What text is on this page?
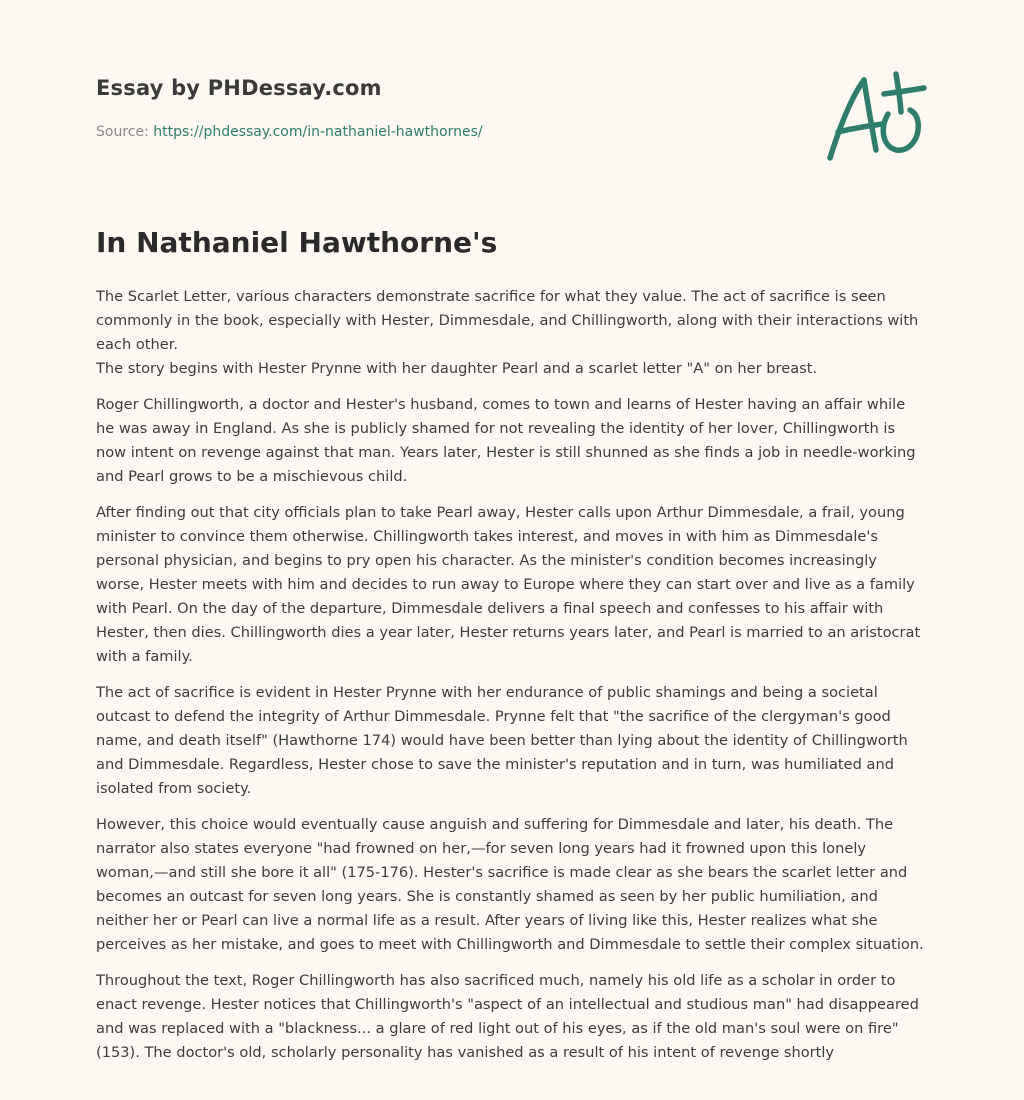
Essay by PHDessay.com
Source: https://phdessay.com/in-nathaniel-hawthornes/
In Nathaniel Hawthorne's

The Scarlet Letter, various characters demonstrate sacrifice for what they value. The act of sacrifice is seen commonly in the book, especially with Hester, Dimmesdale, and Chillingworth, along with their interactions with each other.
The story begins with Hester Prynne with her daughter Pearl and a scarlet letter "A" on her breast.

Roger Chillingworth, a doctor and Hester's husband, comes to town and learns of Hester having an affair while he was away in England. As she is publicly shamed for not revealing the identity of her lover, Chillingworth is now intent on revenge against that man. Years later, Hester is still shunned as she finds a job in needle-working and Pearl grows to be a mischievous child.

After finding out that city officials plan to take Pearl away, Hester calls upon Arthur Dimmesdale, a frail, young minister to convince them otherwise. Chillingworth takes interest, and moves in with him as Dimmesdale's personal physician, and begins to pry open his character. As the minister's condition becomes increasingly worse, Hester meets with him and decides to run away to Europe where they can start over and live as a family with Pearl. On the day of the departure, Dimmesdale delivers a final speech and confesses to his affair with Hester, then dies. Chillingworth dies a year later, Hester returns years later, and Pearl is married to an aristocrat with a family.

The act of sacrifice is evident in Hester Prynne with her endurance of public shamings and being a societal outcast to defend the integrity of Arthur Dimmesdale. Prynne felt that "the sacrifice of the clergyman's good name, and death itself" (Hawthorne 174) would have been better than lying about the identity of Chillingworth and Dimmesdale. Regardless, Hester chose to save the minister's reputation and in turn, was humiliated and isolated from society.

However, this choice would eventually cause anguish and suffering for Dimmesdale and later, his death. The narrator also states everyone "had frowned on her,—for seven long years had it frowned upon this lonely woman,—and still she bore it all" (175-176). Hester's sacrifice is made clear as she bears the scarlet letter and becomes an outcast for seven long years. She is constantly shamed as seen by her public humiliation, and neither her or Pearl can live a normal life as a result. After years of living like this, Hester realizes what she perceives as her mistake, and goes to meet with Chillingworth and Dimmesdale to settle their complex situation.

Throughout the text, Roger Chillingworth has also sacrificed much, namely his old life as a scholar in order to enact revenge. Hester notices that Chillingworth's "aspect of an intellectual and studious man" had disappeared and was replaced with a "blackness... a glare of red light out of his eyes, as if the old man's soul were on fire" (153). The doctor's old, scholarly personality has vanished as a result of his intent of revenge shortly
